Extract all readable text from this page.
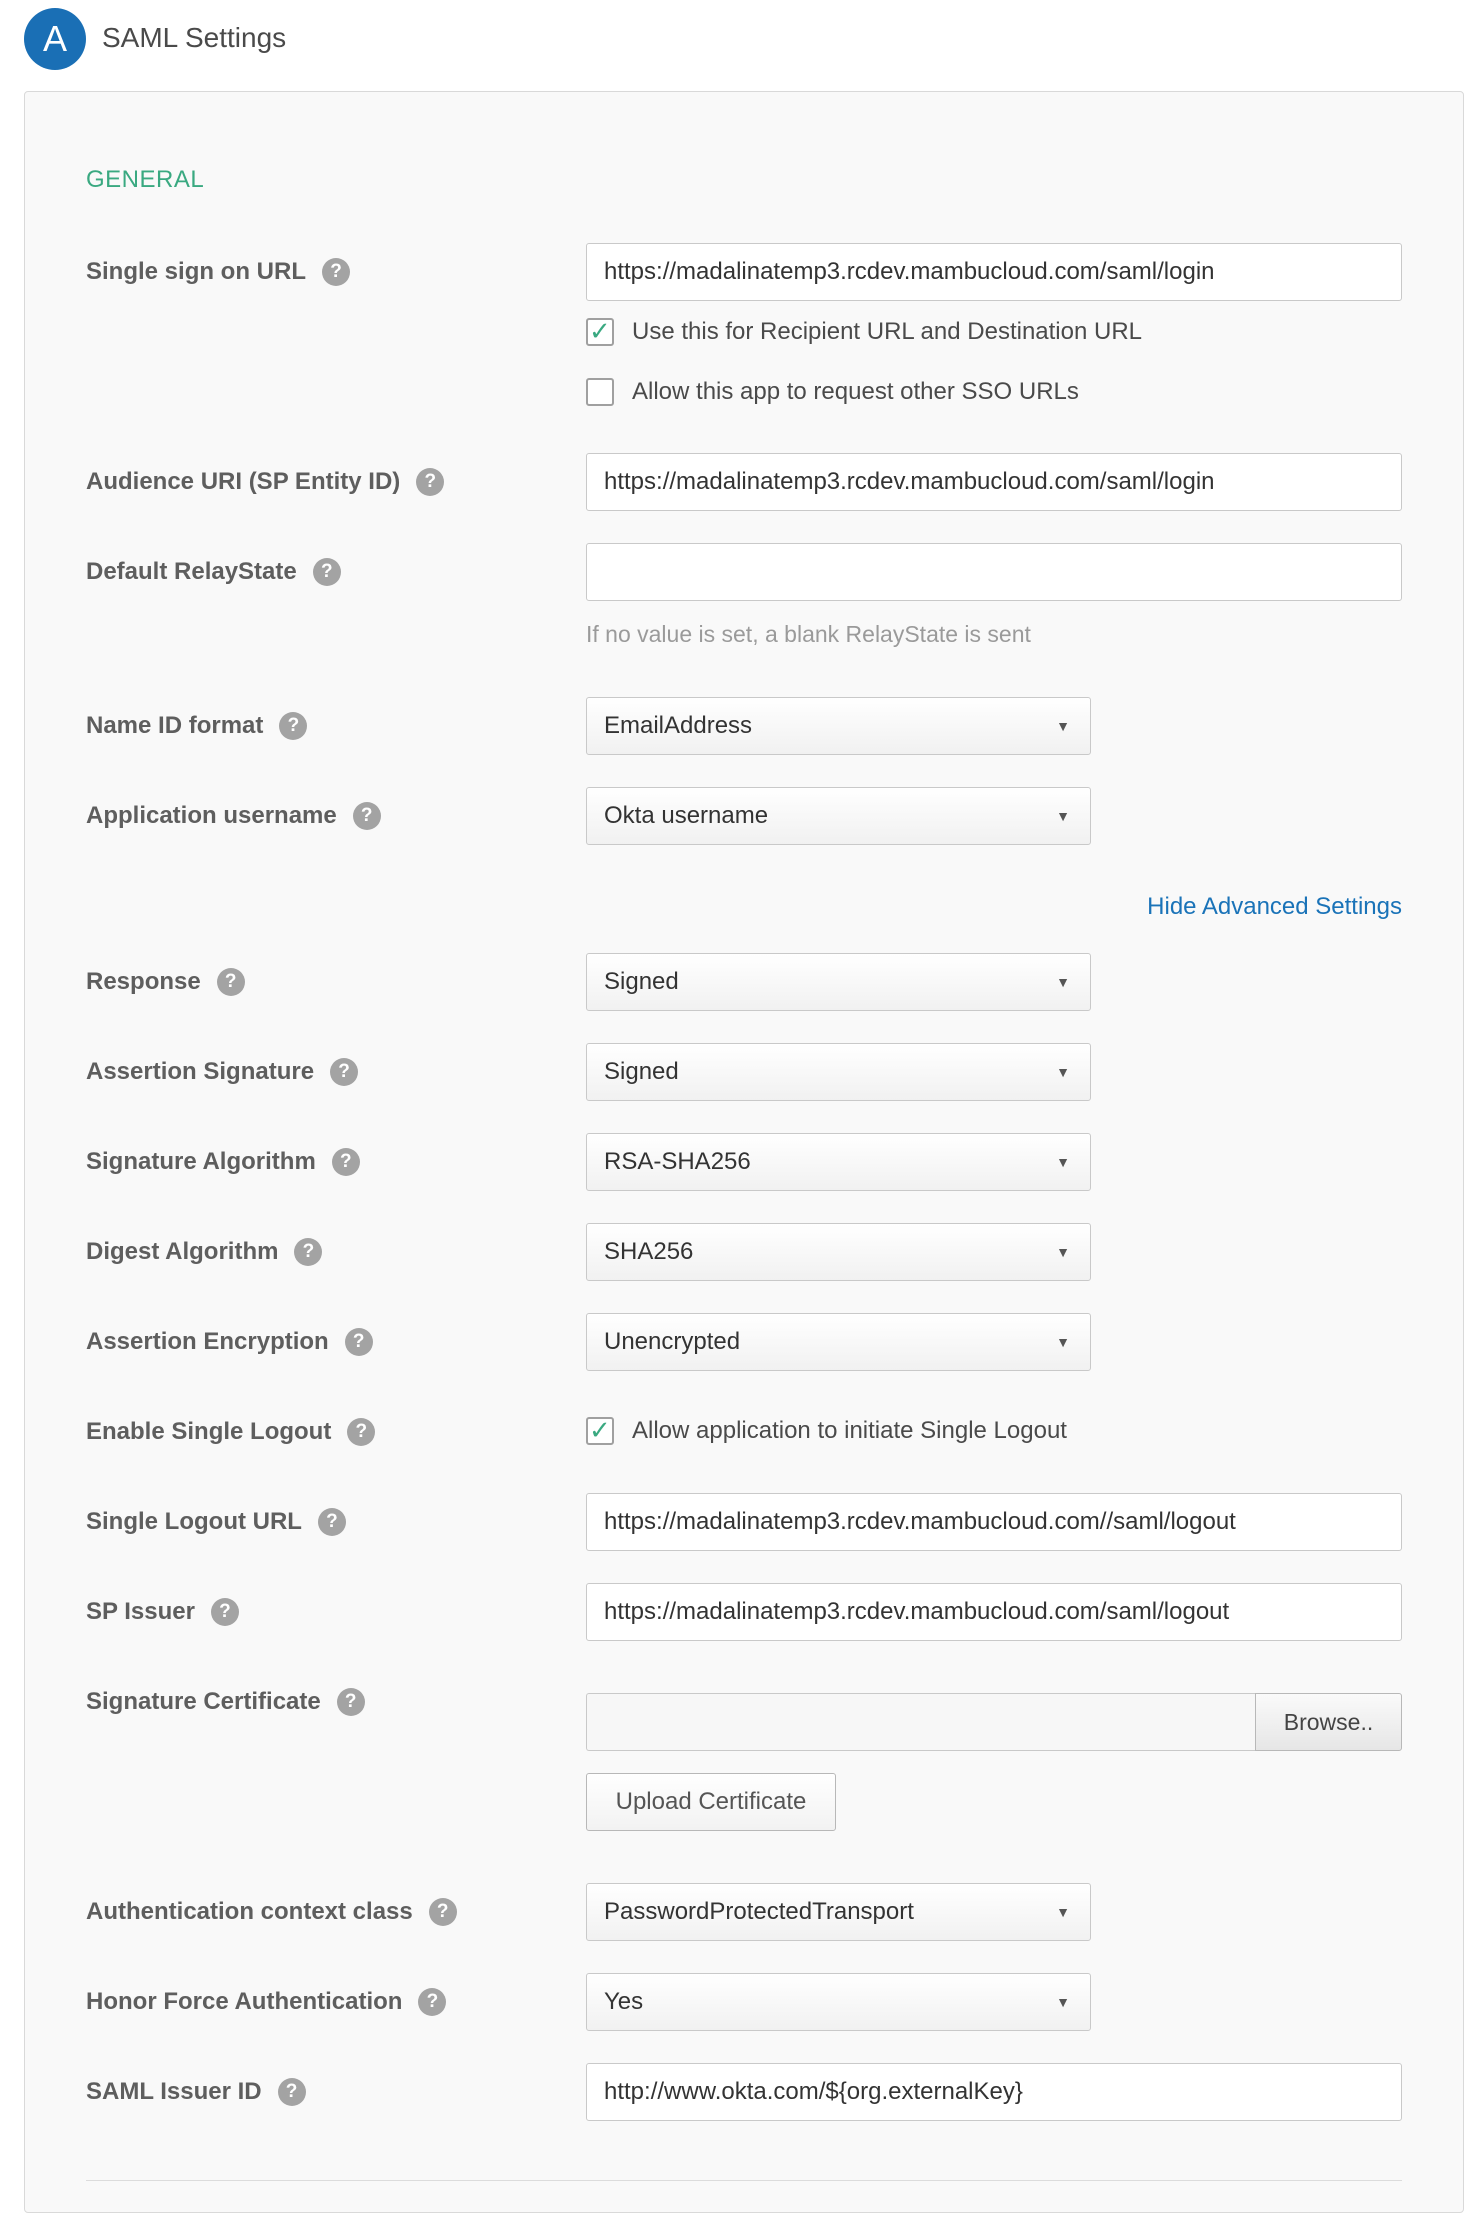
A	SAML Settings
GENERAL
Single sign on URL	?	https://madalinatemp3.rcdev.mambucloud.com/saml/login
✓ Use this for Recipient URL and Destination URL
Allow this app to request other SSO URLs
Audience URI (SP Entity ID)	?	https://madalinatemp3.rcdev.mambucloud.com/saml/login
Default RelayState	?
If no value is set, a blank RelayState is sent
Name ID format	?	EmailAddress	▼
Application username	?	Okta username	▼
Hide Advanced Settings
Response	?	Signed	▼
Assertion Signature	?	Signed	▼
Signature Algorithm	?	RSA-SHA256	▼
Digest Algorithm	?	SHA256	▼
Assertion Encryption	?	Unencrypted	▼
Enable Single Logout	?	✓ Allow application to initiate Single Logout
Single Logout URL	?	https://madalinatemp3.rcdev.mambucloud.com//saml/logout
SP Issuer	?	https://madalinatemp3.rcdev.mambucloud.com/saml/logout
Signature Certificate	?
Browse..
Upload Certificate
Authentication context class	?	PasswordProtectedTransport	▼
Honor Force Authentication	?	Yes	▼
SAML Issuer ID	?	http://www.okta.com/${org.externalKey}
